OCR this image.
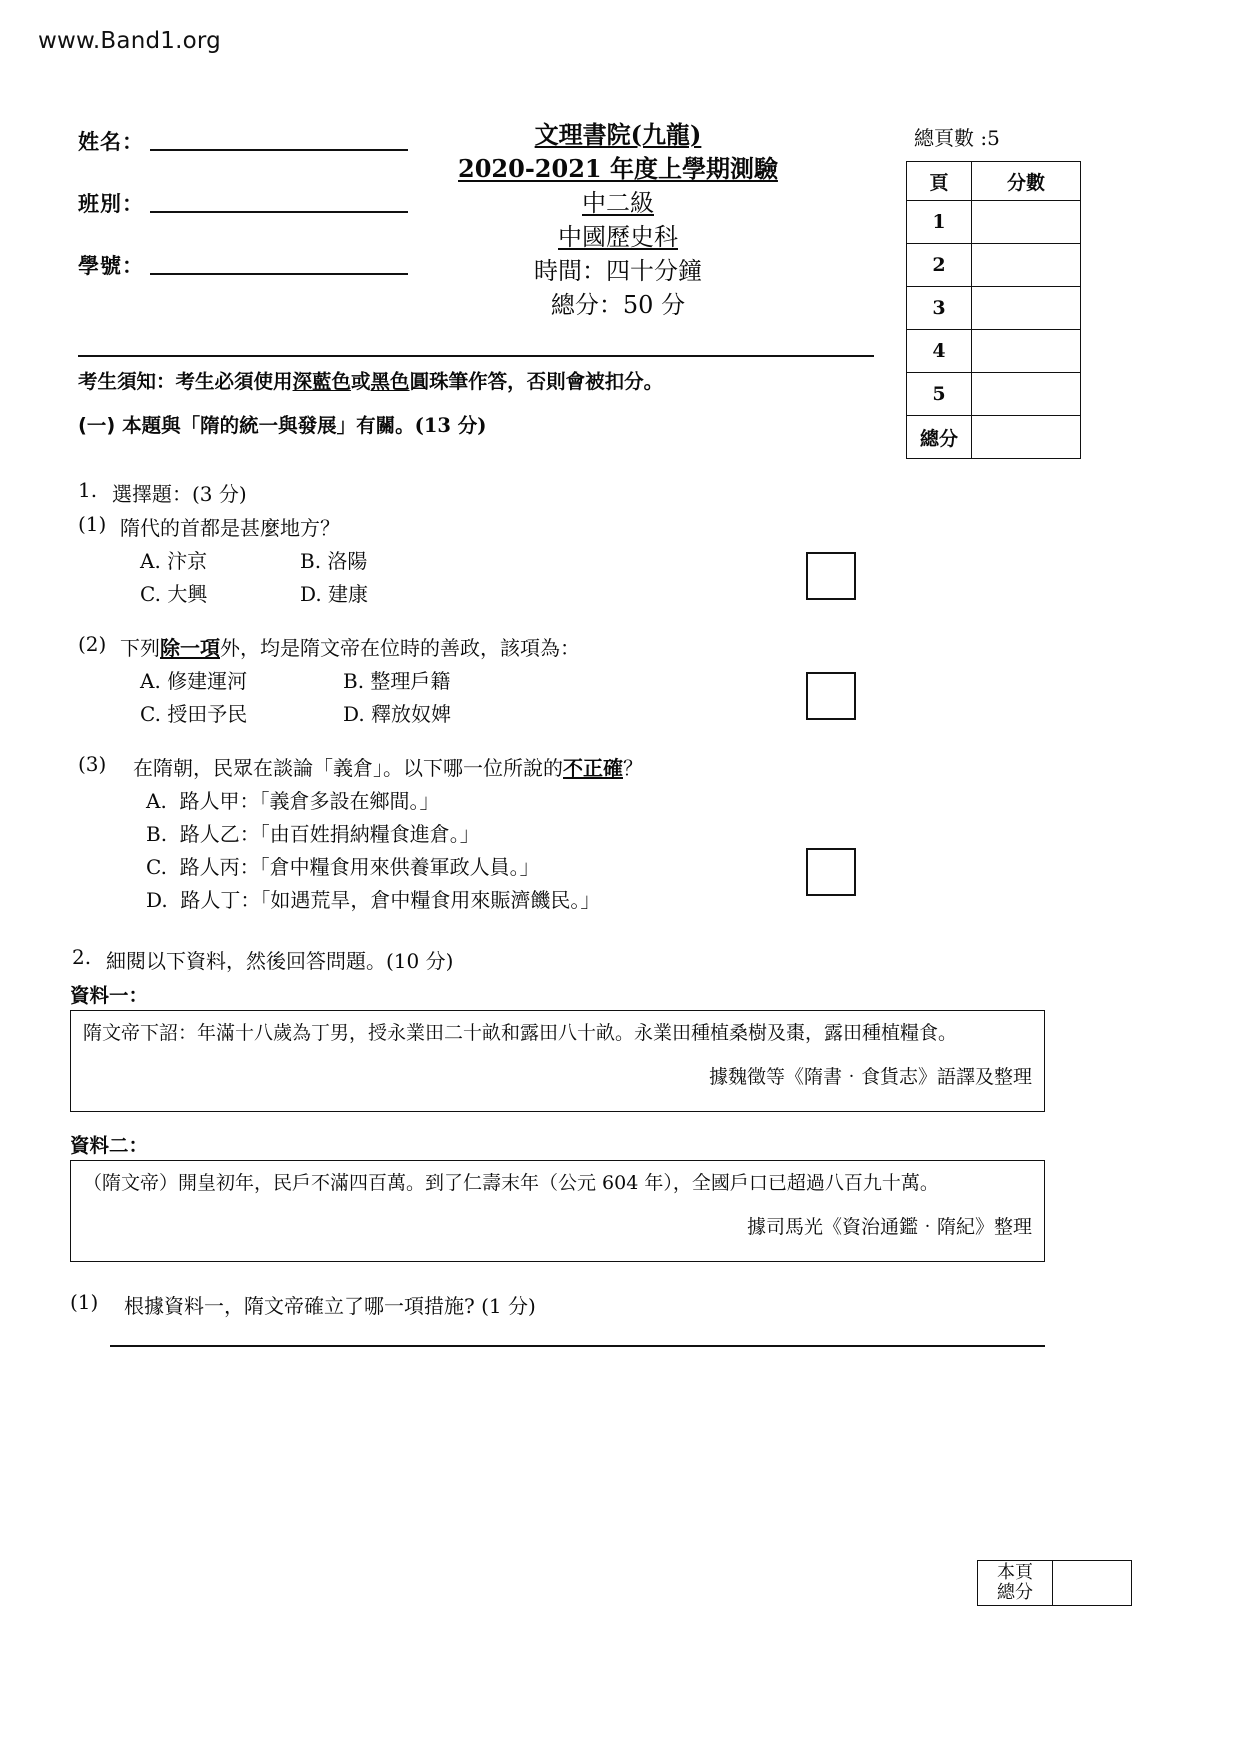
www.Band1.org
姓名：
班別：
學號：
文理書院(九龍)
2020-2021 年度上學期測驗
中二級
中國歷史科
時間：四十分鐘
總分：50 分
總頁數 :5
頁	分數
1	
2	
3	
4	
5	
總分	
考生須知：考生必須使用深藍色或黑色圓珠筆作答，否則會被扣分。
(一) 本題與「隋的統一與發展」有關。(13 分)
1. 選擇題：(3 分)
(1) 隋代的首都是甚麼地方？
A. 汴京	B. 洛陽
C. 大興	D. 建康
(2) 下列除一項外，均是隋文帝在位時的善政，該項為：
A. 修建運河	B. 整理戶籍
C. 授田予民	D. 釋放奴婢
(3) 在隋朝，民眾在談論「義倉」。以下哪一位所說的不正確？
A. 路人甲：「義倉多設在鄉間。」
B. 路人乙：「由百姓捐納糧食進倉。」
C. 路人丙：「倉中糧食用來供養軍政人員。」
D. 路人丁：「如遇荒旱，倉中糧食用來賑濟饑民。」
2. 細閱以下資料，然後回答問題。(10 分)
資料一：
隋文帝下詔：年滿十八歲為丁男，授永業田二十畝和露田八十畝。永業田種植桑樹及棗，露田種植糧食。
據魏徵等《隋書‧食貨志》語譯及整理
資料二：
（隋文帝）開皇初年，民戶不滿四百萬。到了仁壽末年（公元 604 年），全國戶口已超過八百九十萬。
據司馬光《資治通鑑‧隋紀》整理
(1) 根據資料一，隋文帝確立了哪一項措施? (1 分)
本頁
總分
